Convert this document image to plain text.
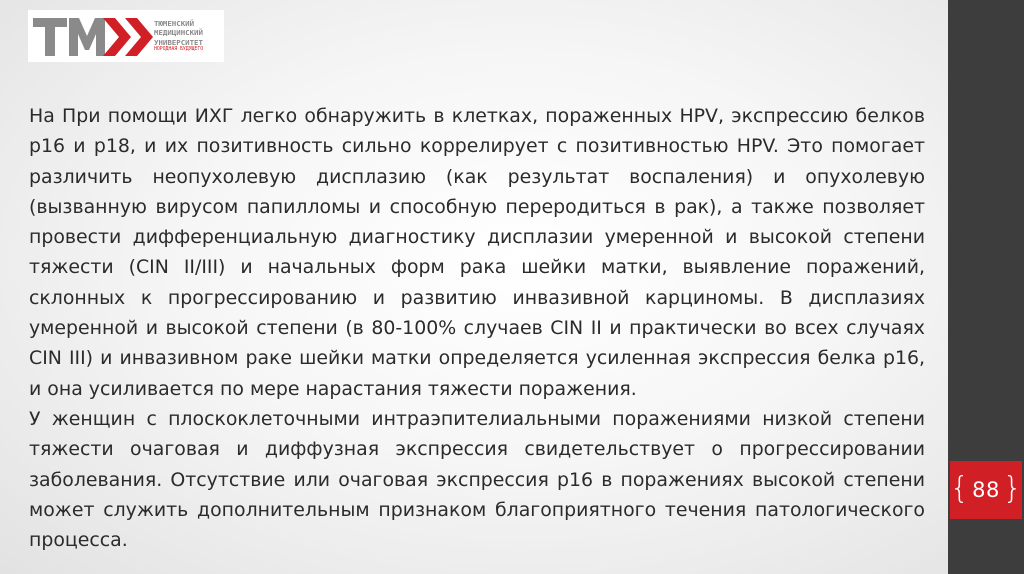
ТЮМЕНСКИЙ
МЕДИЦИНСКИЙ
УНИВЕРСИТЕТ
НОРОДНАЯ БУДУЩЕГО

На При помощи ИХГ легко обнаружить в клетках, пораженных HPV, экспрессию белков p16 и p18, и их позитивность сильно коррелирует с позитивностью HPV. Это помогает различить неопухолевую дисплазию (как результат воспаления) и опухолевую (вызванную вирусом папилломы и способную переродиться в рак), а также позволяет провести дифференциальную диагностику дисплазии умеренной и высокой степени тяжести (CIN II/III) и начальных форм рака шейки матки, выявление поражений, склонных к прогрессированию и развитию инвазивной карциномы. В дисплазиях умеренной и высокой степени (в 80-100% случаев CIN II и практически во всех случаях CIN III) и инвазивном раке шейки матки определяется усиленная экспрессия белка p16, и она усиливается по мере нарастания тяжести поражения.

У женщин с плоскоклеточными интраэпителиальными поражениями низкой степени тяжести очаговая и диффузная экспрессия свидетельствует о прогрессировании заболевания. Отсутствие или очаговая экспрессия p16 в поражениях высокой степени может служить дополнительным признаком благоприятного течения патологического процесса.

{ 88 }
